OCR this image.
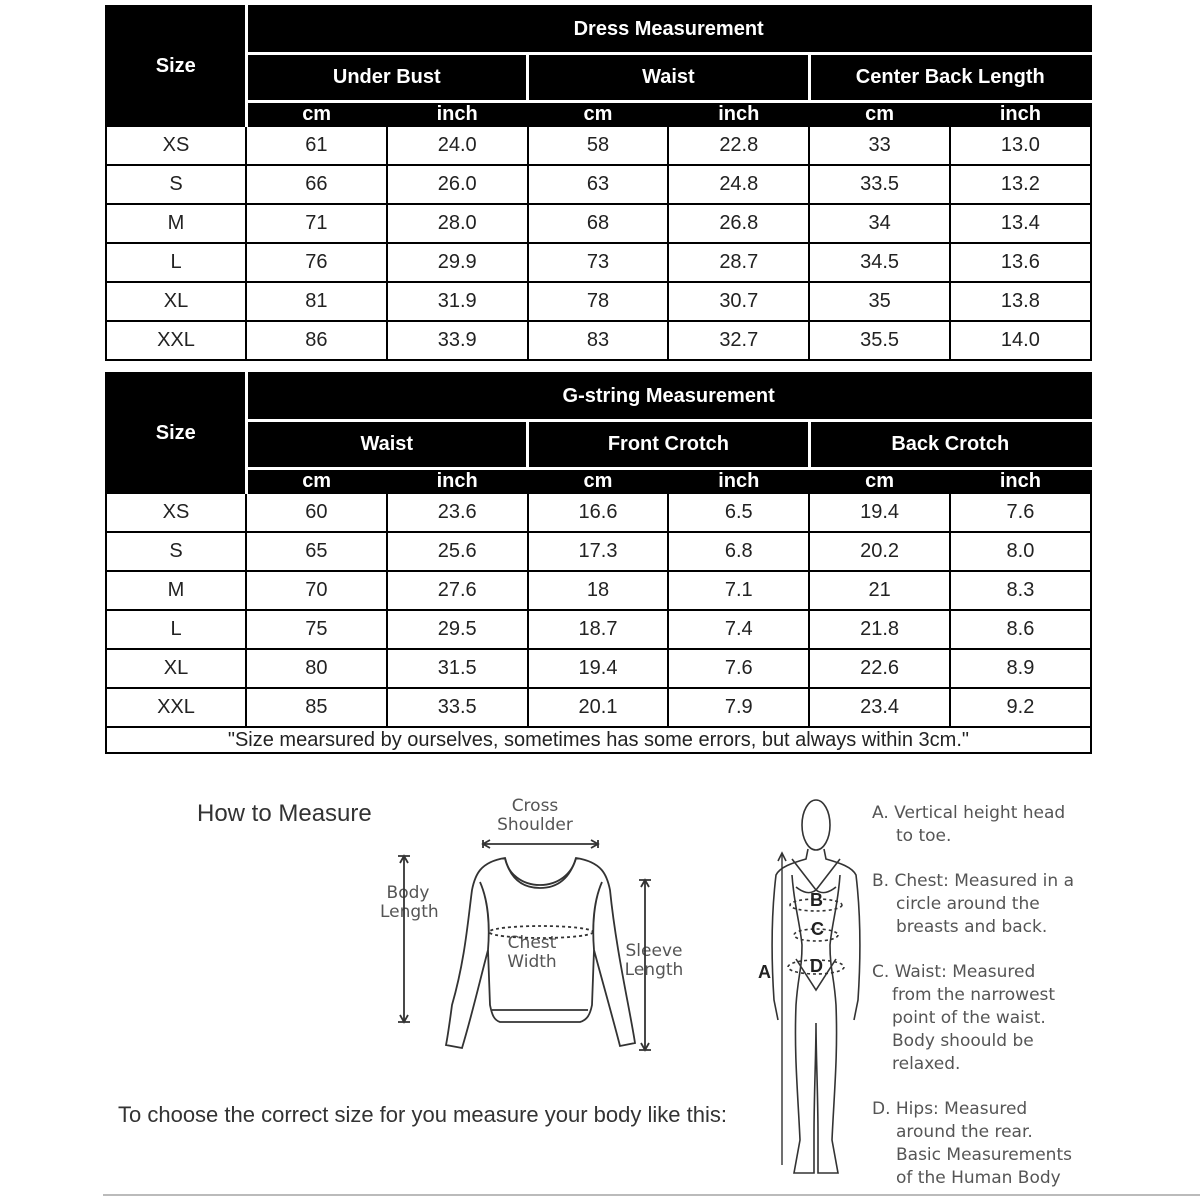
Size	Dress Measurement					
	Under Bust		Waist		Center Back Length	
	cm	inch	cm	inch	cm	inch
XS	61	24.0	58	22.8	33	13.0
S	66	26.0	63	24.8	33.5	13.2
M	71	28.0	68	26.8	34	13.4
L	76	29.9	73	28.7	34.5	13.6
XL	81	31.9	78	30.7	35	13.8
XXL	86	33.9	83	32.7	35.5	14.0
Size	G-string Measurement					
	Waist		Front Crotch		Back Crotch	
	cm	inch	cm	inch	cm	inch
XS	60	23.6	16.6	6.5	19.4	7.6
S	65	25.6	17.3	6.8	20.2	8.0
M	70	27.6	18	7.1	21	8.3
L	75	29.5	18.7	7.4	21.8	8.6
XL	80	31.5	19.4	7.6	22.6	8.9
XXL	85	33.5	20.1	7.9	23.4	9.2
"Size mearsured by ourselves, sometimes has some errors, but always within 3cm."						
How to Measure	Cross
Shoulder
Body
Length
Chest
Width
Sleeve
Length
To choose the correct size for you measure your body like this:
B
C
D
A
A. Vertical height head
to toe.
B. Chest: Measured in a
circle around the
breasts and back.
C. Waist: Measured
from the narrowest
point of the waist.
Body shoould be
relaxed.
D. Hips: Measured
around the rear.
Basic Measurements
of the Human Body
